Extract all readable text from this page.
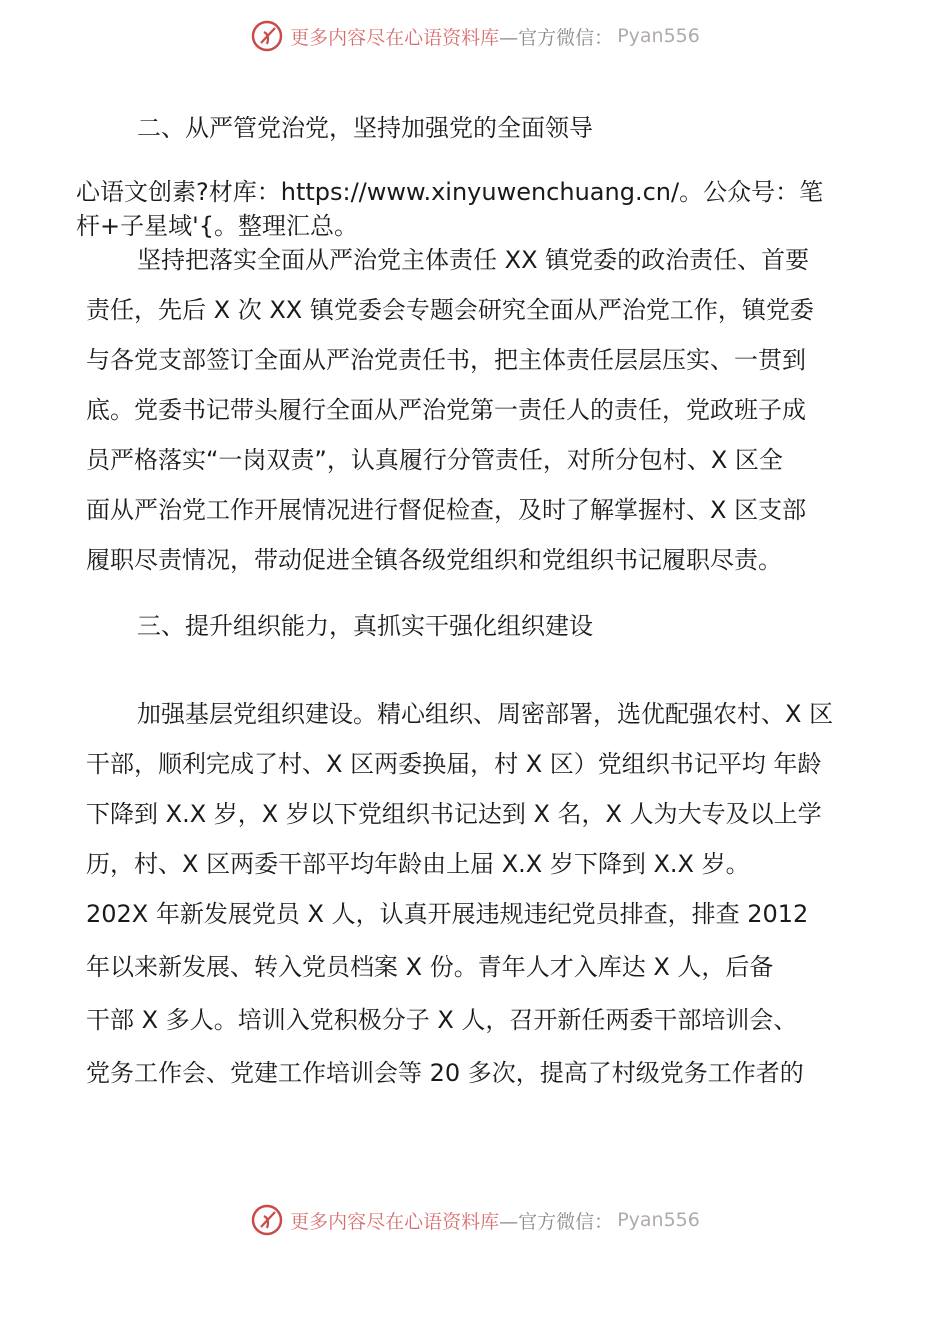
更多内容尽在心语资料库 —官方微信： Pyan556
二、从严管党治党，坚持加强党的全面领导
心语文创素?材库：https://www.xinyuwenchuang.cn/。公众号：笔
杆+子星域'{。整理汇总。
坚持把落实全面从严治党主体责任 XX 镇党委的政治责任、首要
责任，先后 X 次 XX 镇党委会专题会研究全面从严治党工作，镇党委
与各党支部签订全面从严治党责任书，把主体责任层层压实、一贯到
底。党委书记带头履行全面从严治党第一责任人的责任，党政班子成
员严格落实“一岗双责”，认真履行分管责任，对所分包村、X 区全
面从严治党工作开展情况进行督促检查，及时了解掌握村、X 区支部
履职尽责情况，带动促进全镇各级党组织和党组织书记履职尽责。
三、提升组织能力，真抓实干强化组织建设
加强基层党组织建设。精心组织、周密部署，选优配强农村、X 区
干部，顺利完成了村、X 区两委换届，村 X 区）党组织书记平均 年龄
下降到 X.X 岁，X 岁以下党组织书记达到 X 名，X 人为大专及以上学
历，村、X 区两委干部平均年龄由上届 X.X 岁下降到 X.X 岁。
202X 年新发展党员 X 人，认真开展违规违纪党员排查，排查 2012
年以来新发展、转入党员档案 X 份。青年人才入库达 X 人，后备
干部 X 多人。培训入党积极分子 X 人，召开新任两委干部培训会、
党务工作会、党建工作培训会等 20 多次，提高了村级党务工作者的
更多内容尽在心语资料库 —官方微信： Pyan556
